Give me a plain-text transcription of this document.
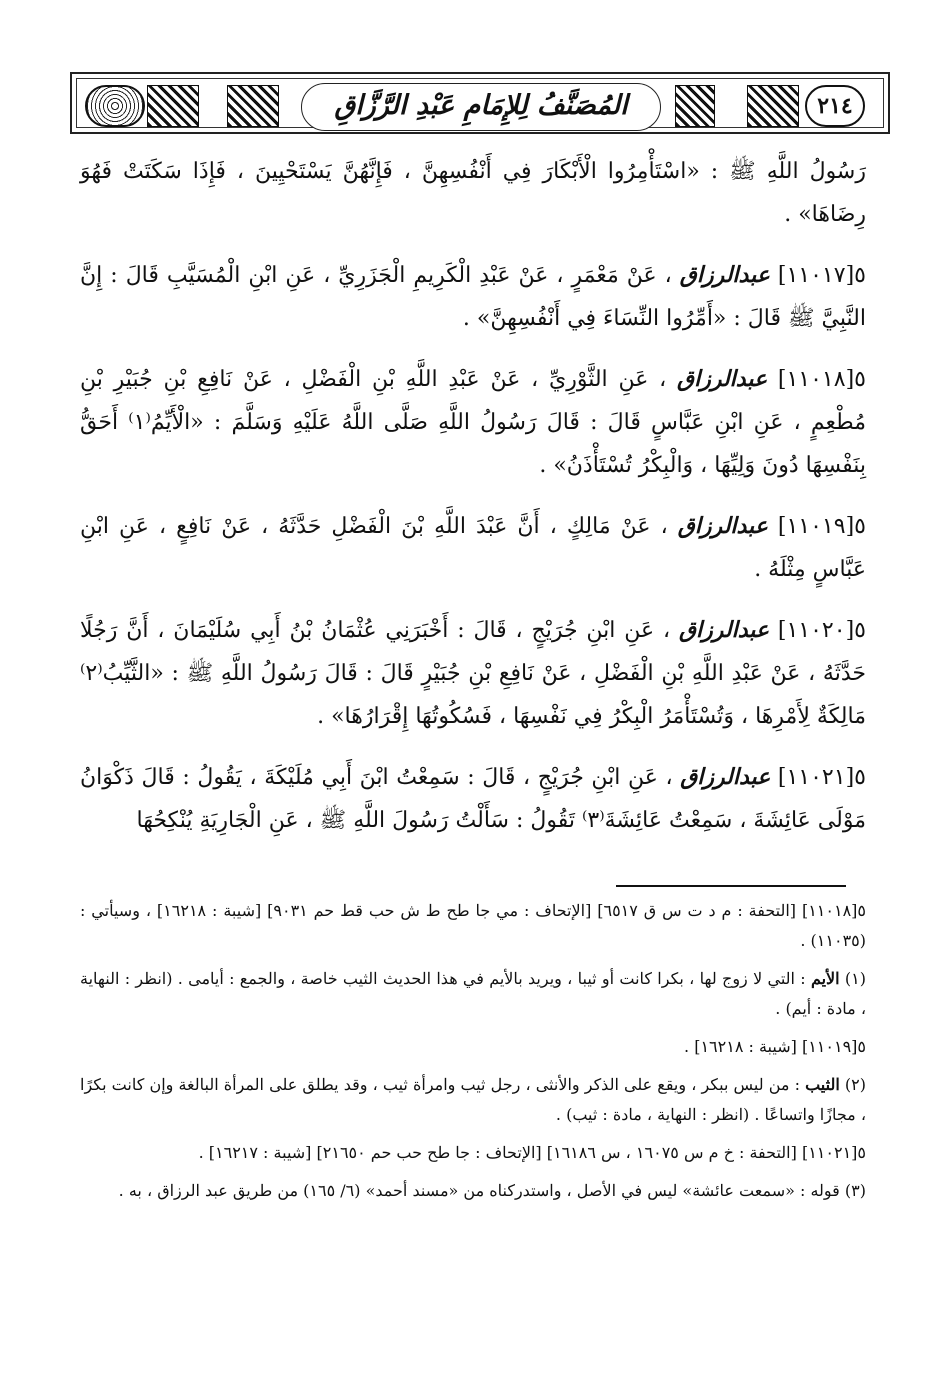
المُصَنَّفُ لِلإِمَامِ عَبْدِ الرَّزَّاقِ	٢١٤

رَسُولُ اللَّهِ ﷺ : «اسْتَأْمِرُوا الْأَبْكَارَ فِي أَنْفُسِهِنَّ ، فَإِنَّهُنَّ يَسْتَحْيِينَ ، فَإِذَا سَكَتَتْ فَهُوَ رِضَاهَا» .

٥[١١٠١٧] عبدالرزاق ، عَنْ مَعْمَرٍ ، عَنْ عَبْدِ الْكَرِيمِ الْجَزَرِيِّ ، عَنِ ابْنِ الْمُسَيَّبِ قَالَ : إِنَّ النَّبِيَّ ﷺ قَالَ : «أَمِّرُوا النِّسَاءَ فِي أَنْفُسِهِنَّ» .

٥[١١٠١٨] عبدالرزاق ، عَنِ الثَّوْرِيِّ ، عَنْ عَبْدِ اللَّهِ بْنِ الْفَضْلِ ، عَنْ نَافِعِ بْنِ جُبَيْرِ بْنِ مُطْعِمٍ ، عَنِ ابْنِ عَبَّاسٍ قَالَ : قَالَ رَسُولُ اللَّهِ صَلَّى اللَّهُ عَلَيْهِ وَسَلَّمَ : «الْأَيِّمُ⁽١⁾ أَحَقُّ بِنَفْسِهَا دُونَ وَلِيِّهَا ، وَالْبِكْرُ تُسْتَأْذَنُ» .

٥[١١٠١٩] عبدالرزاق ، عَنْ مَالِكٍ ، أَنَّ عَبْدَ اللَّهِ بْنَ الْفَضْلِ حَدَّثَهُ ، عَنْ نَافِعٍ ، عَنِ ابْنِ عَبَّاسٍ مِثْلَهُ .

٥[١١٠٢٠] عبدالرزاق ، عَنِ ابْنِ جُرَيْجٍ ، قَالَ : أَخْبَرَنِي عُثْمَانُ بْنُ أَبِي سُلَيْمَانَ ، أَنَّ رَجُلًا حَدَّثَهُ ، عَنْ عَبْدِ اللَّهِ بْنِ الْفَضْلِ ، عَنْ نَافِعِ بْنِ جُبَيْرٍ قَالَ : قَالَ رَسُولُ اللَّهِ ﷺ : «الثَّيِّبُ⁽٢⁾ مَالِكَةٌ لِأَمْرِهَا ، وَتُسْتَأْمَرُ الْبِكْرُ فِي نَفْسِهَا ، فَسُكُوتُهَا إِقْرَارُهَا» .

٥[١١٠٢١] عبدالرزاق ، عَنِ ابْنِ جُرَيْجٍ ، قَالَ : سَمِعْتُ ابْنَ أَبِي مُلَيْكَةَ ، يَقُولُ : قَالَ ذَكْوَانُ مَوْلَى عَائِشَةَ ، سَمِعْتُ عَائِشَةَ⁽٣⁾ تَقُولُ : سَأَلْتُ رَسُولَ اللَّهِ ﷺ ، عَنِ الْجَارِيَةِ يُنْكِحُهَا

٥[١١٠١٨] [التحفة : م د ت س ق ٦٥١٧] [الإتحاف : مي جا طح ط ش حب قط حم ٩٠٣١] [شيبة : ١٦٢١٨] ، وسيأتي : (١١٠٣٥) .

(١) الأيم : التي لا زوج لها ، بكرا كانت أو ثيبا ، ويريد بالأيم في هذا الحديث الثيب خاصة ، والجمع : أيامى . (انظر : النهاية ، مادة : أيم) .

٥[١١٠١٩] [شيبة : ١٦٢١٨] .

(٢) الثيب : من ليس ببكر ، ويقع على الذكر والأنثى ، رجل ثيب وامرأة ثيب ، وقد يطلق على المرأة البالغة وإن كانت بكرًا ، مجازًا واتساعًا . (انظر : النهاية ، مادة : ثيب) .

٥[١١٠٢١] [التحفة : خ م س ١٦٠٧٥ ، س ١٦١٨٦] [الإتحاف : جا طح حب حم ٢١٦٥٠] [شيبة : ١٦٢١٧] .

(٣) قوله : «سمعت عائشة» ليس في الأصل ، واستدركناه من «مسند أحمد» (٦/ ١٦٥) من طريق عبد الرزاق ، به .
